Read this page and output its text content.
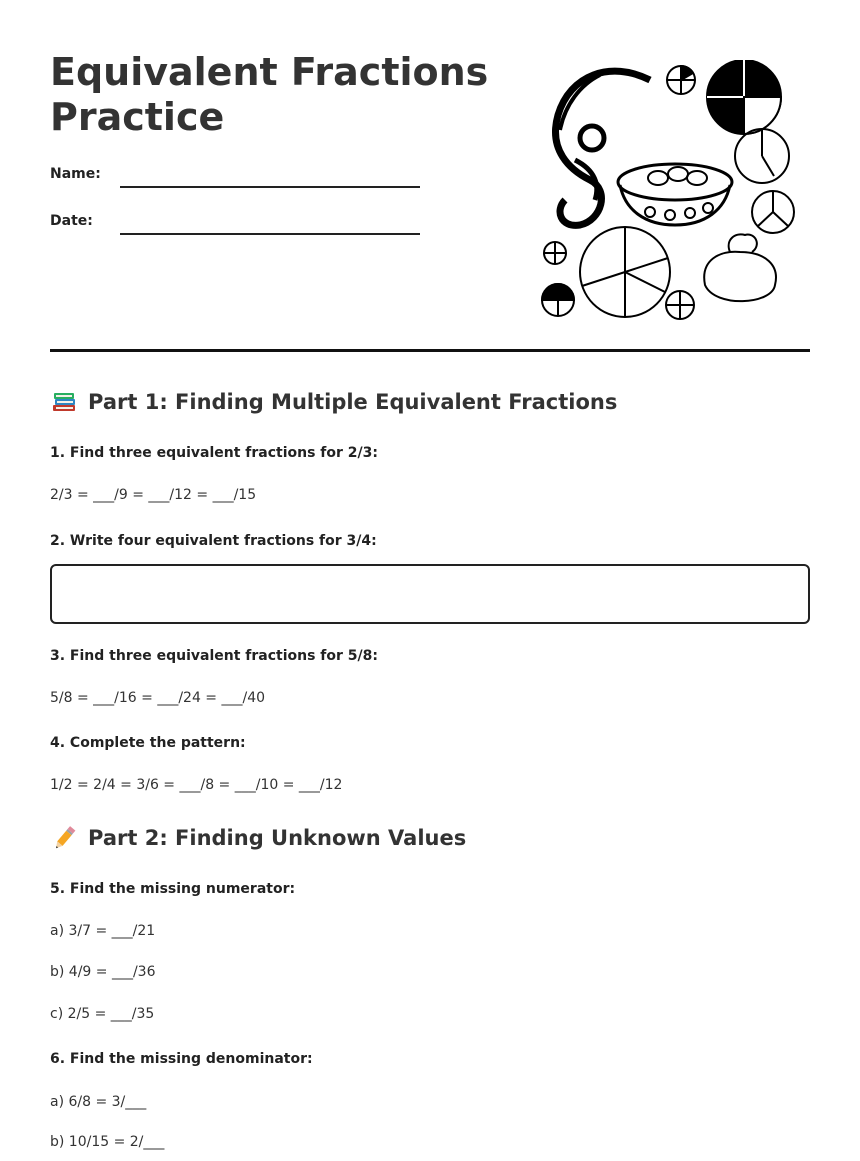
Equivalent Fractions
Practice
Name:
Date:
Part 1: Finding Multiple Equivalent Fractions
1. Find three equivalent fractions for 2/3:
2/3 = ___/9 = ___/12 = ___/15
2. Write four equivalent fractions for 3/4:
3. Find three equivalent fractions for 5/8:
5/8 = ___/16 = ___/24 = ___/40
4. Complete the pattern:
1/2 = 2/4 = 3/6 = ___/8 = ___/10 = ___/12
Part 2: Finding Unknown Values
5. Find the missing numerator:
a) 3/7 = ___/21
b) 4/9 = ___/36
c) 2/5 = ___/35
6. Find the missing denominator:
a) 6/8 = 3/___
b) 10/15 = 2/___
